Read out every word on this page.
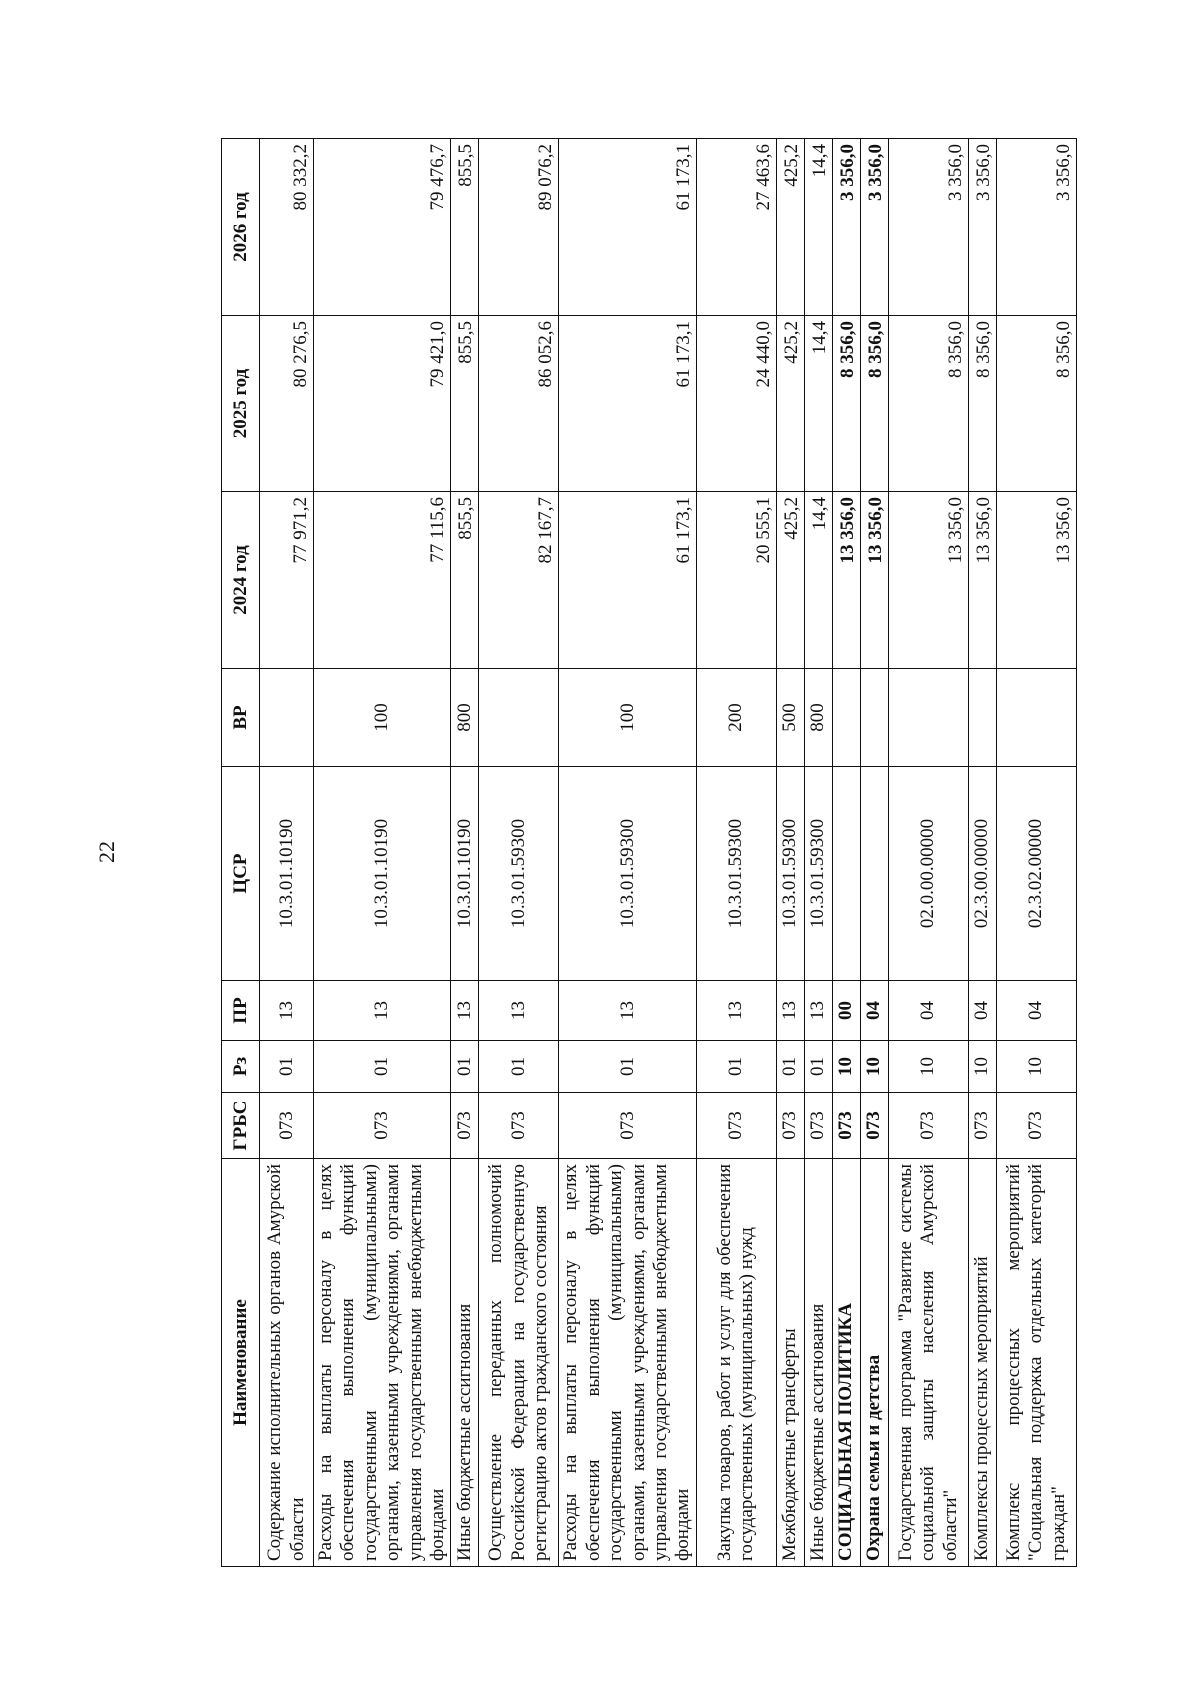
22
Наименование	ГРБС	Рз	ПР	ЦСР	ВР	2024 год	2025 год	2026 год
Содержание исполнительных органов Амурской области	073	01	13	10.3.01.10190		77 971,2	80 276,5	80 332,2
Расходы на выплаты персоналу в целях обеспечения выполнения функций государственными (муниципальными) органами, казенными учреждениями, органами управления государственными внебюджетными фондами	073	01	13	10.3.01.10190	100	77 115,6	79 421,0	79 476,7
Иные бюджетные ассигнования	073	01	13	10.3.01.10190	800	855,5	855,5	855,5
Осуществление переданных полномочий Российской Федерации на государственную регистрацию актов гражданского состояния	073	01	13	10.3.01.59300		82 167,7	86 052,6	89 076,2
Расходы на выплаты персоналу в целях обеспечения выполнения функций государственными (муниципальными) органами, казенными учреждениями, органами управления государственными внебюджетными фондами	073	01	13	10.3.01.59300	100	61 173,1	61 173,1	61 173,1
Закупка товаров, работ и услуг для обеспечения государственных (муниципальных) нужд	073	01	13	10.3.01.59300	200	20 555,1	24 440,0	27 463,6
Межбюджетные трансферты	073	01	13	10.3.01.59300	500	425,2	425,2	425,2
Иные бюджетные ассигнования	073	01	13	10.3.01.59300	800	14,4	14,4	14,4
СОЦИАЛЬНАЯ ПОЛИТИКА	073	10	00			13 356,0	8 356,0	3 356,0
Охрана семьи и детства	073	10	04			13 356,0	8 356,0	3 356,0
Государственная программа "Развитие системы социальной защиты населения Амурской области"	073	10	04	02.0.00.00000		13 356,0	8 356,0	3 356,0
Комплексы процессных мероприятий	073	10	04	02.3.00.00000		13 356,0	8 356,0	3 356,0
Комплекс процессных мероприятий "Социальная поддержка отдельных категорий граждан"	073	10	04	02.3.02.00000		13 356,0	8 356,0	3 356,0
